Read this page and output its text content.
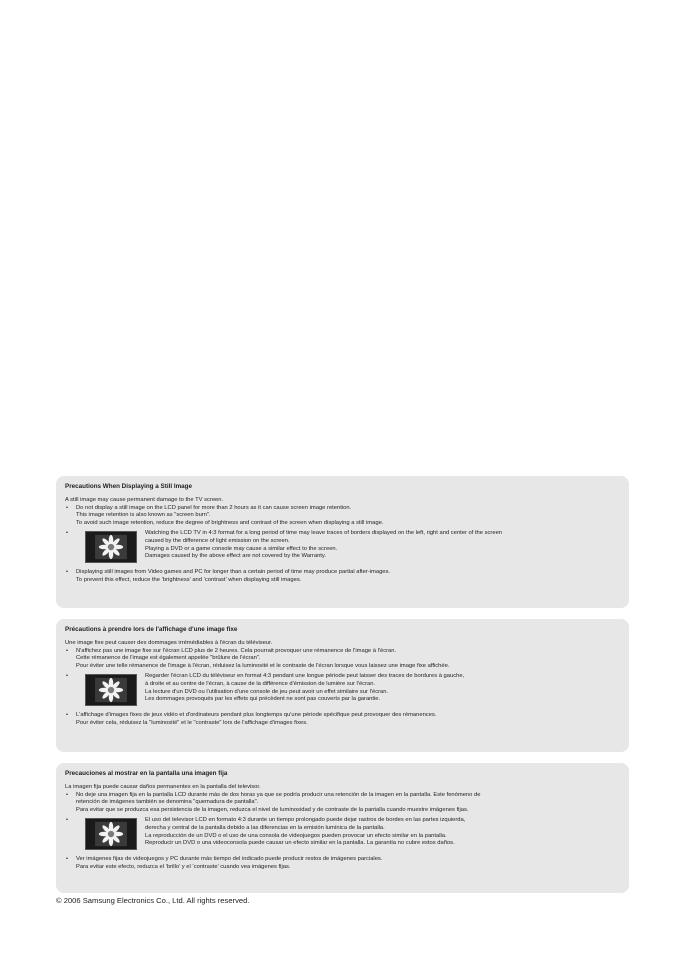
Precautions When Displaying a Still Image

A still image may cause permanent damage to the TV screen.

• Do not display a still image on the LCD panel for more than 2 hours as it can cause screen image retention.
This image retention is also known as "screen burn".
To avoid such image retention, reduce the degree of brightness and contrast of the screen when displaying a still image.
•	Watching the LCD TV in 4:3 format for a long period of time may leave traces of borders displayed on the left, right and center of the screen
caused by the difference of light emission on the screen.
Playing a DVD or a game console may cause a similar effect to the screen.
Damages caused by the above effect are not covered by the Warranty.
• Displaying still images from Video games and PC for longer than a certain period of time may produce partial after-images.
To prevent this effect, reduce the ‘brightness’ and ‘contrast’ when displaying still images.
Précautions à prendre lors de l'affichage d'une image fixe

Une image fixe peut causer des dommages irrémédiables à l'écran du téléviseur.

• N'affichez pas une image fixe sur l'écran LCD plus de 2 heures. Cela pourrait provoquer une rémanence de l'image à l'écran.
Cette rémanence de l'image est également appelée "brûlure de l'écran".
Pour éviter une telle rémanence de l'image à l'écran, réduisez la luminosité et le contraste de l'écran lorsque vous laissez une image fixe affichée.
•	Regarder l'écran LCD du téléviseur en format 4:3 pendant une longue période peut laisser des traces de bordures à gauche,
à droite et au centre de l'écran, à cause de la différence d'émission de lumière sur l'écran.
La lecture d'un DVD ou l'utilisation d'une console de jeu peut avoir un effet similaire sur l'écran.
Les dommages provoqués par les effets qui précèdent ne sont pas couverts par la garantie.
• L'affichage d'images fixes de jeux vidéo et d'ordinateurs pendant plus longtemps qu'une période spécifique peut provoquer des rémanences.
Pour éviter cela, réduisez la "luminosité" et le "contraste" lors de l'affichage d'images fixes.
Precauciones al mostrar en la pantalla una imagen fija

La imagen fija puede causar daños permanentes en la pantalla del televisor.

• No deje una imagen fija en la pantalla LCD durante más de dos horas ya que se podría producir una retención de la imagen en la pantalla. Este fenómeno de
retención de imágenes también se denomina "quemadura de pantalla".
Para evitar que se produzca esa persistencia de la imagen, reduzca el nivel de luminosidad y de contraste de la pantalla cuando muestre imágenes fijas.
•	El uso del televisor LCD en formato 4:3 durante un tiempo prolongado puede dejar rastros de bordes en las partes izquierda,
derecha y central de la pantalla debido a las diferencias en la emisión lumínica de la pantalla.
La reproducción de un DVD o el uso de una consola de videojuegos pueden provocar un efecto similar en la pantalla.
Reproducir un DVD o una videoconsola puede causar un efecto similar en la pantalla. La garantía no cubre estos daños.
• Ver imágenes fijas de videojuegos y PC durante más tiempo del indicado puede producir restos de imágenes parciales.
Para evitar este efecto, reduzca el ‘brillo’ y el ‘contraste’ cuando vea imágenes fijas.
© 2006 Samsung Electronics Co., Ltd. All rights reserved.
